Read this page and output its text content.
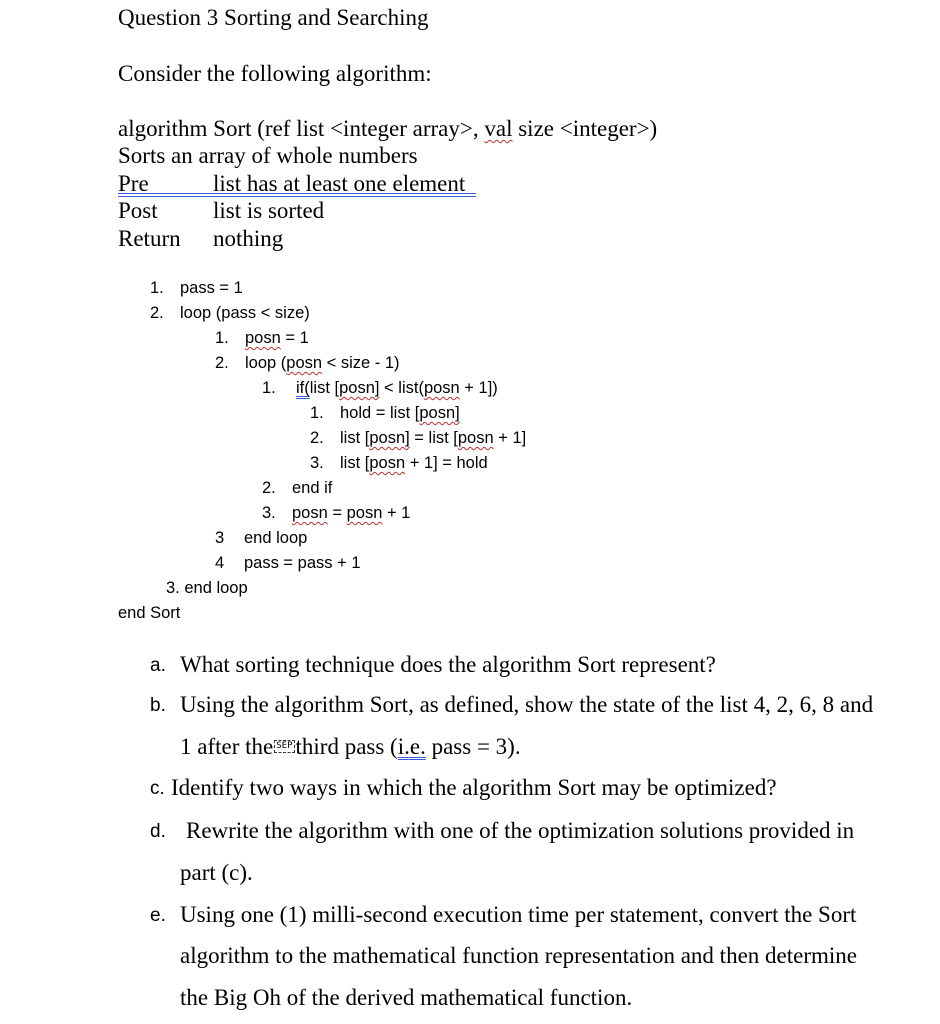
Question 3 Sorting and Searching
Consider the following algorithm:
algorithm Sort (ref list <integer array>, val size <integer>)
Sorts an array of whole numbers
Pre	list has at least one element
Post list is sorted
Return nothing
1. pass = 1
2. loop (pass < size)
1. posn = 1
2. loop (posn < size - 1)
1. if(list [posn] < list(posn + 1])
1. hold = list [posn]
2. list [posn] = list [posn + 1]
3. list [posn + 1] = hold
2. end if
3. posn = posn + 1
3 end loop
4 pass = pass + 1
3. end loop
end Sort
a. What sorting technique does the algorithm Sort represent?
b. Using the algorithm Sort, as defined, show the state of the list 4, 2, 6, 8 and
1 after the SEP third pass (i.e. pass = 3).
c. Identify two ways in which the algorithm Sort may be optimized?
d. Rewrite the algorithm with one of the optimization solutions provided in
part (c).
e. Using one (1) milli-second execution time per statement, convert the Sort
algorithm to the mathematical function representation and then determine
the Big Oh of the derived mathematical function.
